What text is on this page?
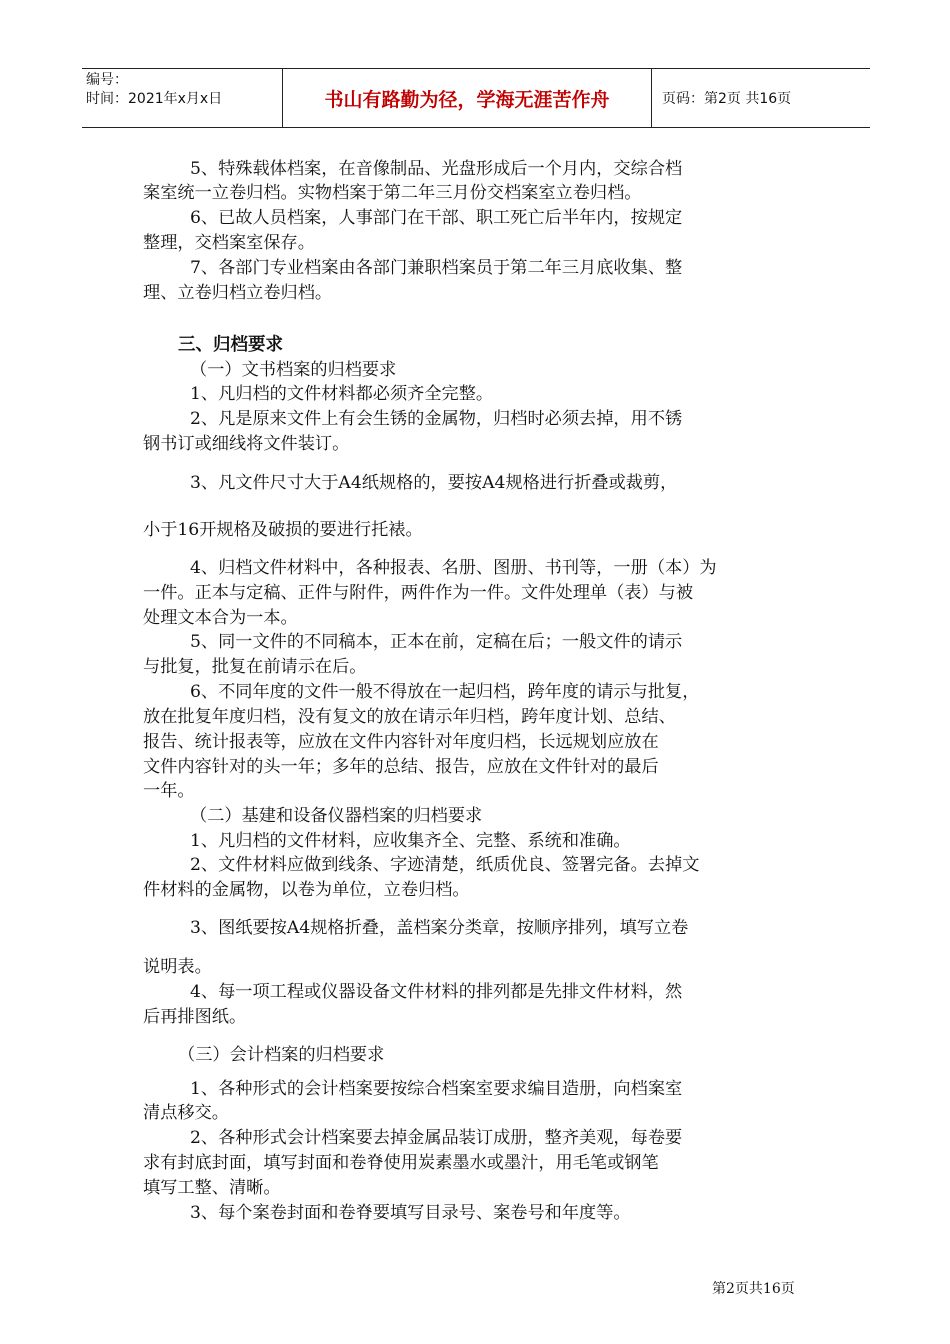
编号：
时间：2021年x月x日	书山有路勤为径，学海无涯苦作舟	页码：第2页 共16页
5、特殊载体档案，在音像制品、光盘形成后一个月内，交综合档
案室统一立卷归档。实物档案于第二年三月份交档案室立卷归档。
6、已故人员档案，人事部门在干部、职工死亡后半年内，按规定
整理，交档案室保存。
7、各部门专业档案由各部门兼职档案员于第二年三月底收集、整
理、立卷归档立卷归档。
三、归档要求
（一）文书档案的归档要求
1、凡归档的文件材料都必须齐全完整。
2、凡是原来文件上有会生锈的金属物，归档时必须去掉，用不锈
钢书订或细线将文件装订。
3、凡文件尺寸大于A4纸规格的，要按A4规格进行折叠或裁剪，
小于16开规格及破损的要进行托裱。
4、归档文件材料中，各种报表、名册、图册、书刊等，一册（本）为
一件。正本与定稿、正件与附件，两件作为一件。文件处理单（表）与被
处理文本合为一本。
5、同一文件的不同稿本，正本在前，定稿在后；一般文件的请示
与批复，批复在前请示在后。
6、不同年度的文件一般不得放在一起归档，跨年度的请示与批复，
放在批复年度归档，没有复文的放在请示年归档，跨年度计划、总结、
报告、统计报表等，应放在文件内容针对年度归档，长远规划应放在
文件内容针对的头一年；多年的总结、报告，应放在文件针对的最后
一年。
（二）基建和设备仪器档案的归档要求
1、凡归档的文件材料，应收集齐全、完整、系统和准确。
2、文件材料应做到线条、字迹清楚，纸质优良、签署完备。去掉文
件材料的金属物，以卷为单位，立卷归档。
3、图纸要按A4规格折叠，盖档案分类章，按顺序排列，填写立卷
说明表。
4、每一项工程或仪器设备文件材料的排列都是先排文件材料，然
后再排图纸。
（三）会计档案的归档要求
1、各种形式的会计档案要按综合档案室要求编目造册，向档案室
清点移交。
2、各种形式会计档案要去掉金属品装订成册，整齐美观，每卷要
求有封底封面，填写封面和卷脊使用炭素墨水或墨汁，用毛笔或钢笔
填写工整、清晰。
3、每个案卷封面和卷脊要填写目录号、案卷号和年度等。
第2页共16页
